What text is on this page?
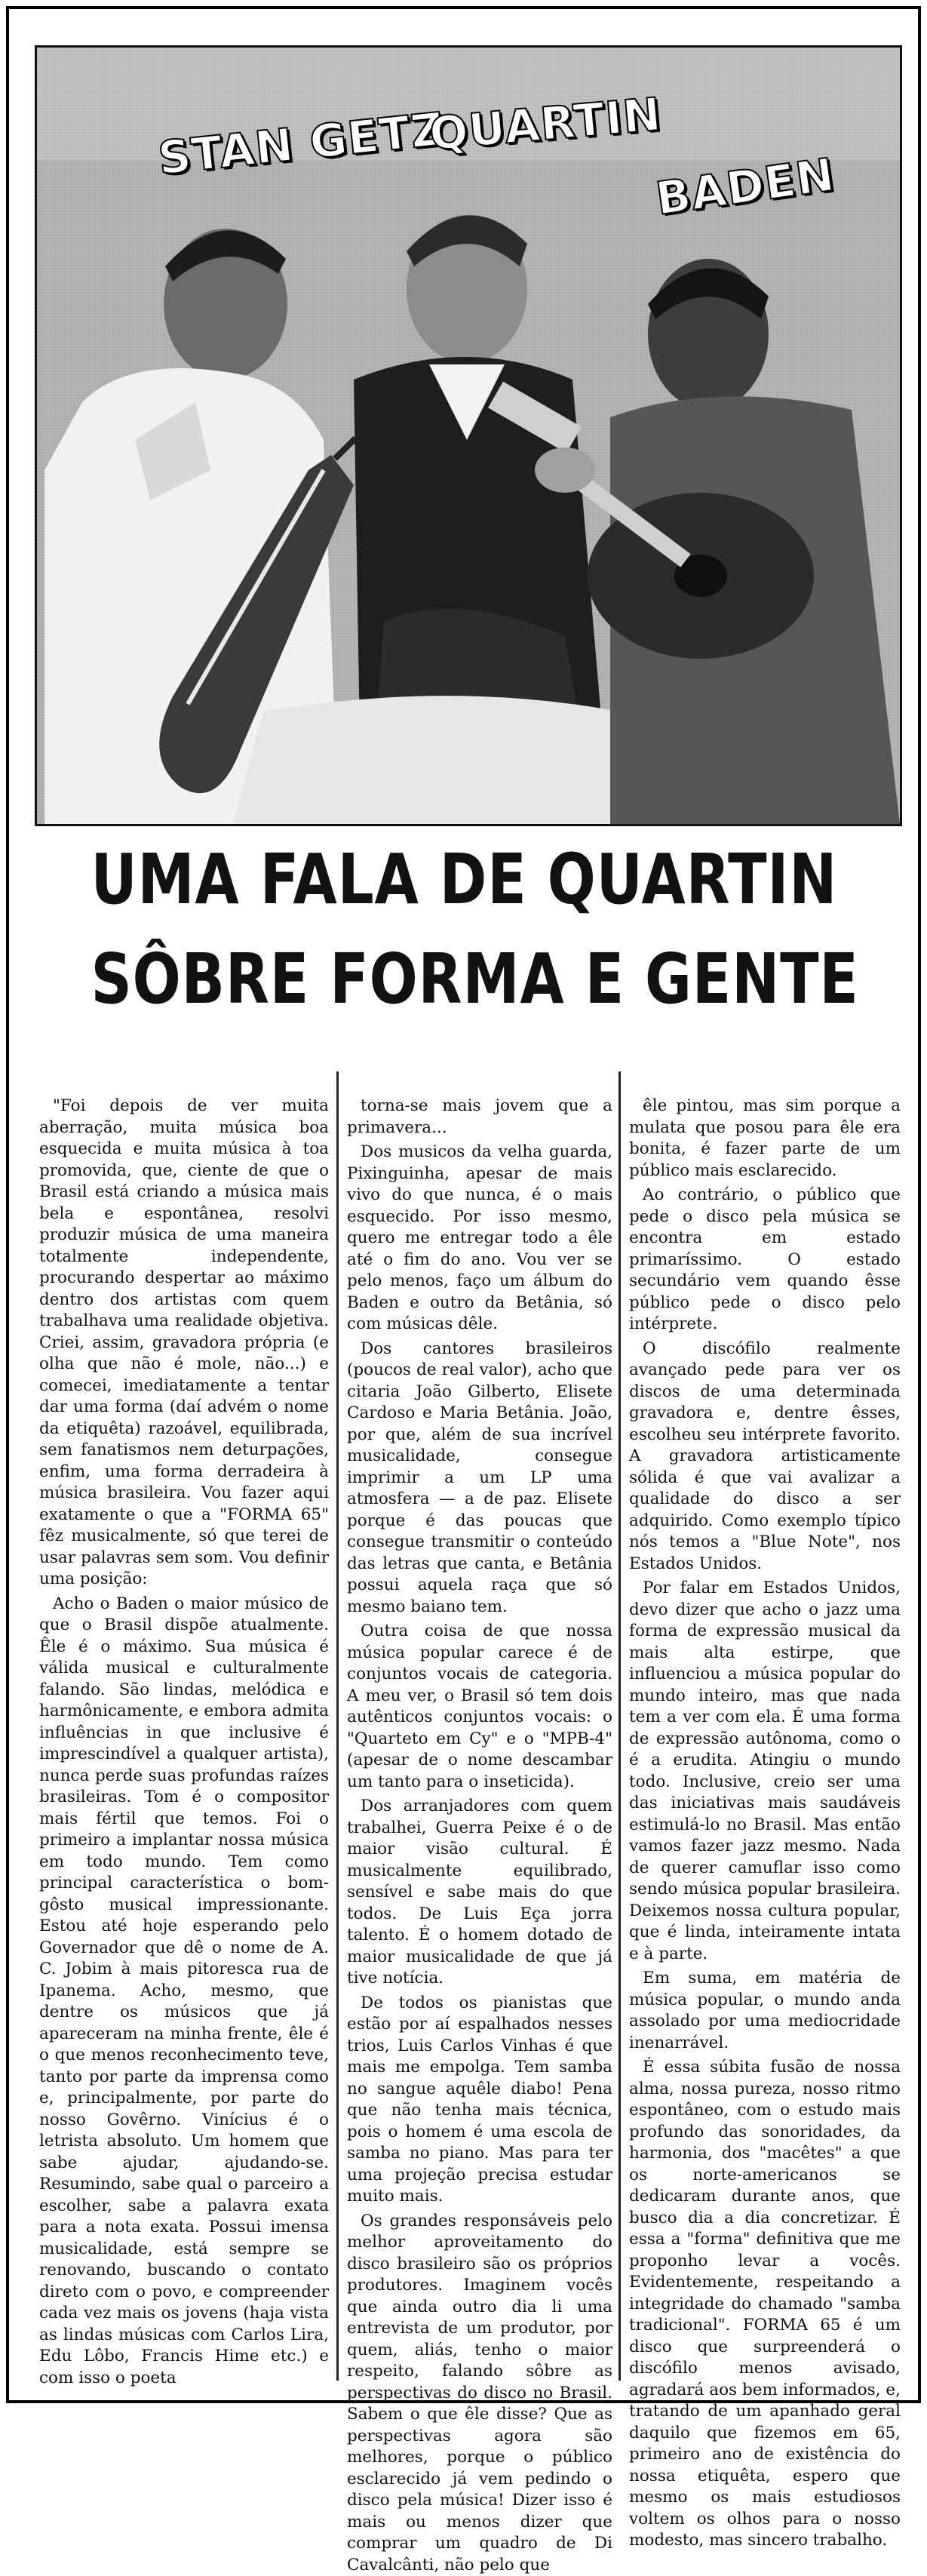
STAN GETZ
QUARTIN
BADEN
UMA FALA DE QUARTIN
SÔBRE FORMA E GENTE

"Foi depois de ver muita aberração, muita música boa esquecida e muita música à toa promovida, que, ciente de que o Brasil está criando a música mais bela e espontânea, resolvi produzir música de uma maneira totalmente independente, procurando despertar ao máximo dentro dos artistas com quem trabalhava uma realidade objetiva. Criei, assim, gravadora própria (e olha que não é mole, não...) e comecei, imediatamente a tentar dar uma forma (daí advém o nome da etiquêta) razoável, equilibrada, sem fanatismos nem deturpações, enfim, uma forma derradeira à música brasileira. Vou fazer aqui exatamente o que a "FORMA 65" fêz musicalmente, só que terei de usar palavras sem som. Vou definir uma posição:

Acho o Baden o maior músico de que o Brasil dispõe atualmente. Êle é o máximo. Sua música é válida musical e culturalmente falando. São lindas, melódica e harmônicamente, e embora admita influências in que inclusive é imprescindível a qualquer artista), nunca perde suas profundas raízes brasileiras. Tom é o compositor mais fértil que temos. Foi o primeiro a implantar nossa música em todo mundo. Tem como principal característica o bom-gôsto musical impressionante. Estou até hoje esperando pelo Governador que dê o nome de A. C. Jobim à mais pitoresca rua de Ipanema. Acho, mesmo, que dentre os músicos que já apareceram na minha frente, êle é o que menos reconhecimento teve, tanto por parte da imprensa como e, principalmente, por parte do nosso Govêrno. Vinícius é o letrista absoluto. Um homem que sabe ajudar, ajudando-se. Resumindo, sabe qual o parceiro a escolher, sabe a palavra exata para a nota exata. Possui imensa musicalidade, está sempre se renovando, buscando o contato direto com o povo, e compreender cada vez mais os jovens (haja vista as lindas músicas com Carlos Lira, Edu Lôbo, Francis Hime etc.) e com isso o poeta

torna-se mais jovem que a primavera...

Dos musicos da velha guarda, Pixinguinha, apesar de mais vivo do que nunca, é o mais esquecido. Por isso mesmo, quero me entregar todo a êle até o fim do ano. Vou ver se pelo menos, faço um álbum do Baden e outro da Betânia, só com músicas dêle.

Dos cantores brasileiros (poucos de real valor), acho que citaria João Gilberto, Elisete Cardoso e Maria Betânia. João, por que, além de sua incrível musicalidade, consegue imprimir a um LP uma atmosfera — a de paz. Elisete porque é das poucas que consegue transmitir o conteúdo das letras que canta, e Betânia possui aquela raça que só mesmo baiano tem.

Outra coisa de que nossa música popular carece é de conjuntos vocais de categoria. A meu ver, o Brasil só tem dois autênticos conjuntos vocais: o "Quarteto em Cy" e o "MPB-4" (apesar de o nome descambar um tanto para o inseticida).

Dos arranjadores com quem trabalhei, Guerra Peixe é o de maior visão cultural. É musicalmente equilibrado, sensível e sabe mais do que todos. De Luis Eça jorra talento. É o homem dotado de maior musicalidade de que já tive notícia.

De todos os pianistas que estão por aí espalhados nesses trios, Luis Carlos Vinhas é que mais me empolga. Tem samba no sangue aquêle diabo! Pena que não tenha mais técnica, pois o homem é uma escola de samba no piano. Mas para ter uma projeção precisa estudar muito mais.

Os grandes responsáveis pelo melhor aproveitamento do disco brasileiro são os próprios produtores. Imaginem vocês que ainda outro dia li uma entrevista de um produtor, por quem, aliás, tenho o maior respeito, falando sôbre as perspectivas do disco no Brasil. Sabem o que êle disse? Que as perspectivas agora são melhores, porque o público esclarecido já vem pedindo o disco pela música! Dizer isso é mais ou menos dizer que comprar um quadro de Di Cavalcânti, não pelo que

êle pintou, mas sim porque a mulata que posou para êle era bonita, é fazer parte de um público mais esclarecido.

Ao contrário, o público que pede o disco pela música se encontra em estado primaríssimo. O estado secundário vem quando êsse público pede o disco pelo intérprete.

O discófilo realmente avançado pede para ver os discos de uma determinada gravadora e, dentre êsses, escolheu seu intérprete favorito. A gravadora artisticamente sólida é que vai avalizar a qualidade do disco a ser adquirido. Como exemplo típico nós temos a "Blue Note", nos Estados Unidos.

Por falar em Estados Unidos, devo dizer que acho o jazz uma forma de expressão musical da mais alta estirpe, que influenciou a música popular do mundo inteiro, mas que nada tem a ver com ela. É uma forma de expressão autônoma, como o é a erudita. Atingiu o mundo todo. Inclusive, creio ser uma das iniciativas mais saudáveis estimulá-lo no Brasil. Mas então vamos fazer jazz mesmo. Nada de querer camuflar isso como sendo música popular brasileira. Deixemos nossa cultura popular, que é linda, inteiramente intata e à parte.

Em suma, em matéria de música popular, o mundo anda assolado por uma mediocridade inenarrável.

É essa súbita fusão de nossa alma, nossa pureza, nosso ritmo espontâneo, com o estudo mais profundo das sonoridades, da harmonia, dos "macêtes" a que os norte-americanos se dedicaram durante anos, que busco dia a dia concretizar. É essa a "forma" definitiva que me proponho levar a vocês. Evidentemente, respeitando a integridade do chamado "samba tradicional". FORMA 65 é um disco que surpreenderá o discófilo menos avisado, agradará aos bem informados, e, tratando de um apanhado geral daquilo que fizemos em 65, primeiro ano de existência do nossa etiquêta, espero que mesmo os mais estudiosos voltem os olhos para o nosso modesto, mas sincero trabalho.
